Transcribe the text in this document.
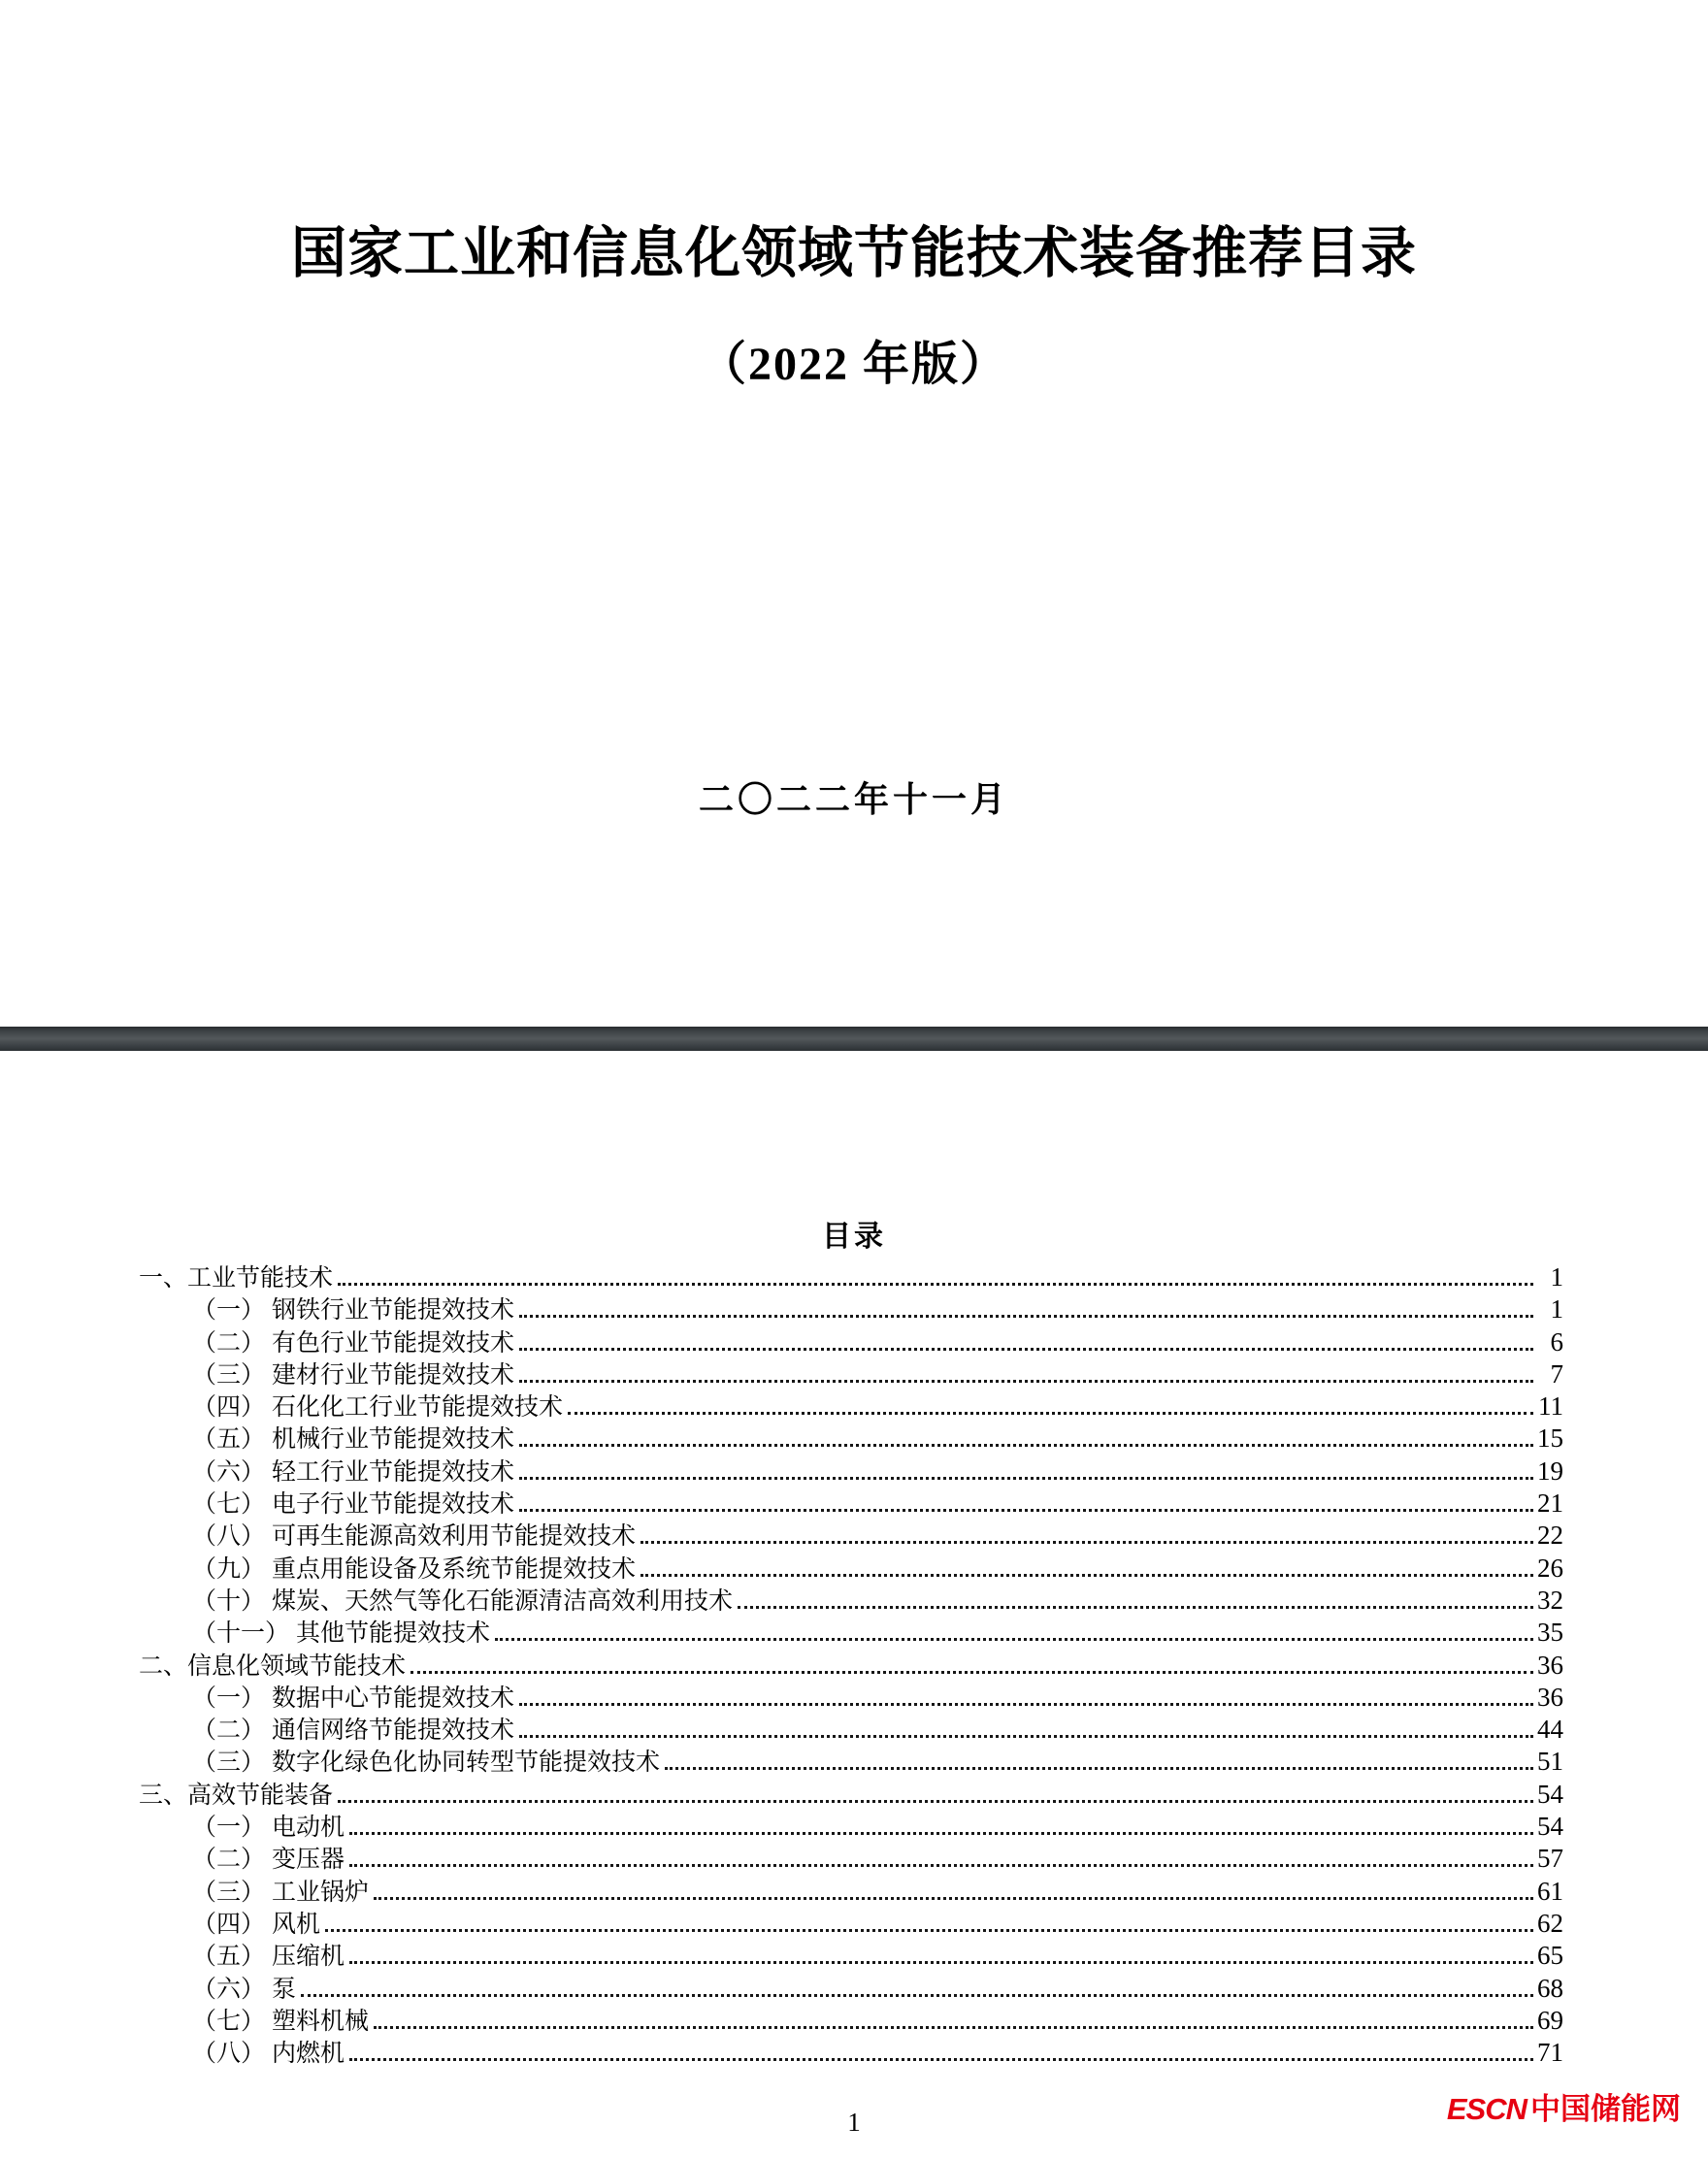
国家工业和信息化领域节能技术装备推荐目录
（2022 年版）
二〇二二年十一月
目录
一、工业节能技术	1
（一） 钢铁行业节能提效技术	1
（二） 有色行业节能提效技术	6
（三） 建材行业节能提效技术	7
（四） 石化化工行业节能提效技术	11
（五） 机械行业节能提效技术	15
（六） 轻工行业节能提效技术	19
（七） 电子行业节能提效技术	21
（八） 可再生能源高效利用节能提效技术	22
（九） 重点用能设备及系统节能提效技术	26
（十） 煤炭、天然气等化石能源清洁高效利用技术	32
（十一） 其他节能提效技术	35
二、信息化领域节能技术	36
（一） 数据中心节能提效技术	36
（二） 通信网络节能提效技术	44
（三） 数字化绿色化协同转型节能提效技术	51
三、高效节能装备	54
（一） 电动机	54
（二） 变压器	57
（三） 工业锅炉	61
（四） 风机	62
（五） 压缩机	65
（六） 泵	68
（七） 塑料机械	69
（八） 内燃机	71
1	ESCN 中国储能网
